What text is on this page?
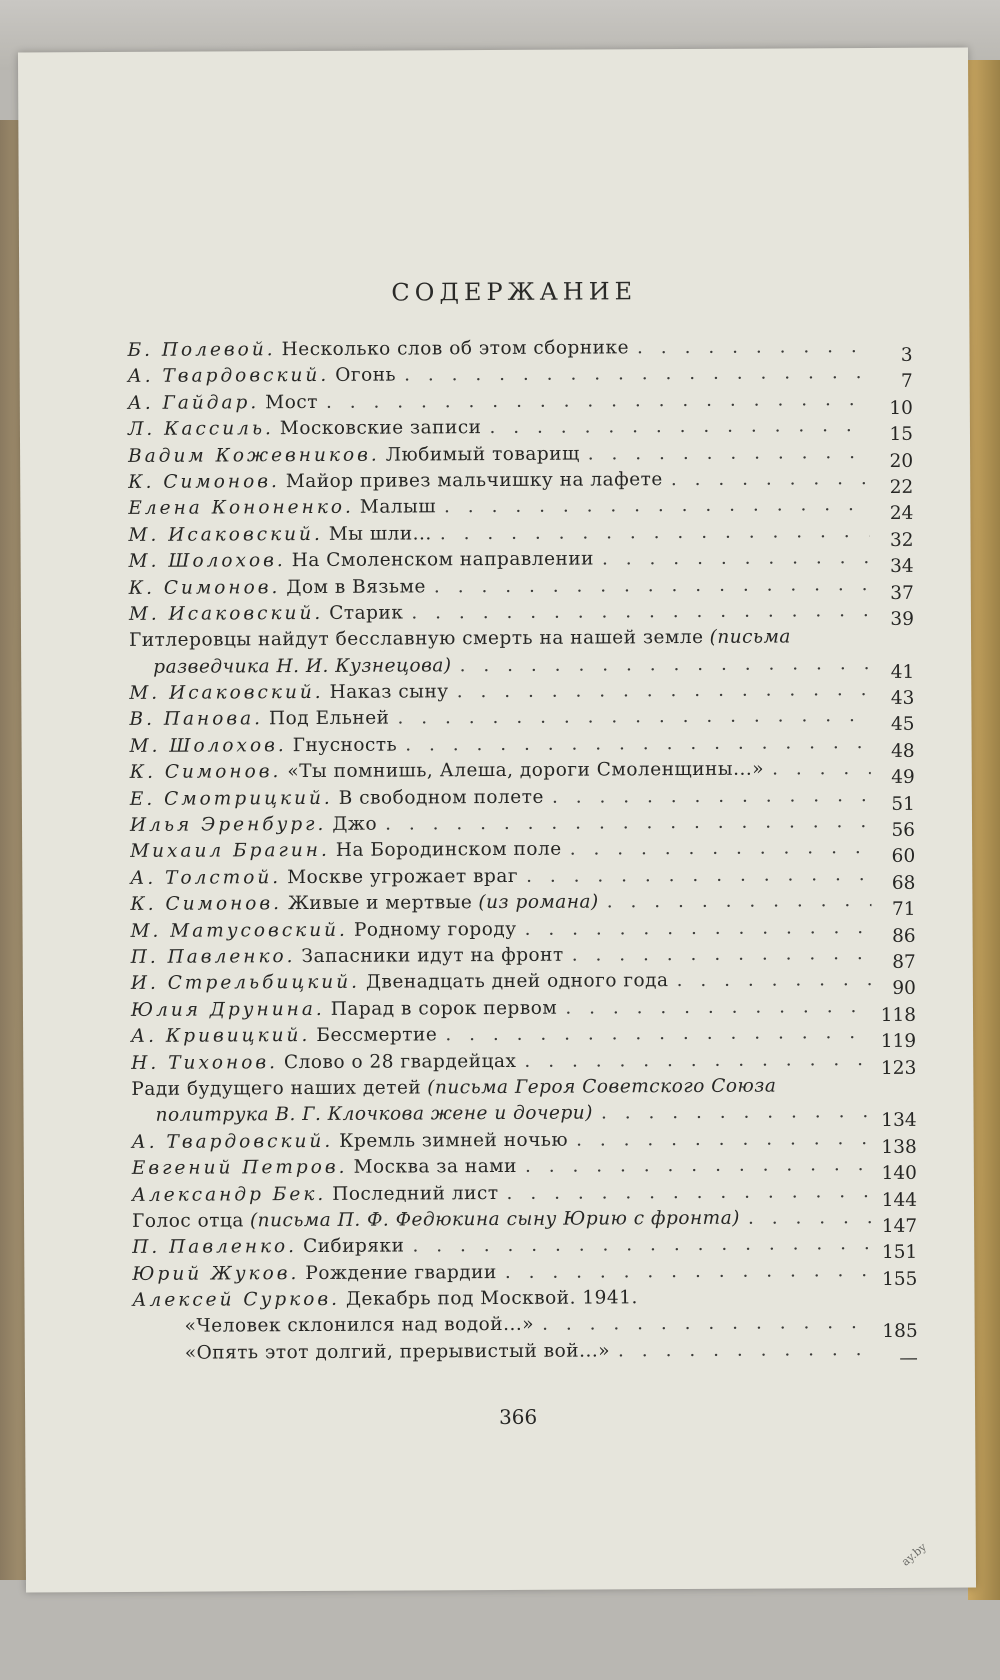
СОДЕРЖАНИЕ
Б. Полевой. Несколько слов об этом сборнике . . .	3
А. Твардовский. Огонь . . .	7
А. Гайдар. Мост . . .	10
Л. Кассиль. Московские записи . . .	15
Вадим Кожевников. Любимый товарищ . . .	20
К. Симонов. Майор привез мальчишку на лафете . . .	22
Елена Кононенко. Малыш . . .	24
М. Исаковский. Мы шли... . . .	32
М. Шолохов. На Смоленском направлении . . .	34
К. Симонов. Дом в Вязьме . . .	37
М. Исаковский. Старик . . .	39
Гитлеровцы найдут бесславную смерть на нашей земле (письма
разведчика Н. И. Кузнецова) . . .	41
М. Исаковский. Наказ сыну . . .	43
В. Панова. Под Ельней . . .	45
М. Шолохов. Гнусность . . .	48
К. Симонов. «Ты помнишь, Алеша, дороги Смоленщины...» . . .	49
Е. Смотрицкий. В свободном полете . . .	51
Илья Эренбург. Джо . . .	56
Михаил Брагин. На Бородинском поле . . .	60
А. Толстой. Москве угрожает враг . . .	68
К. Симонов. Живые и мертвые (из романа) . . .	71
М. Матусовский. Родному городу . . .	86
П. Павленко. Запасники идут на фронт . . .	87
И. Стрельбицкий. Двенадцать дней одного года . . .	90
Юлия Друнина. Парад в сорок первом . . .	118
А. Кривицкий. Бессмертие . . .	119
Н. Тихонов. Слово о 28 гвардейцах . . .	123
Ради будущего наших детей (письма Героя Советского Союза
политрука В. Г. Клочкова жене и дочери) . . .	134
А. Твардовский. Кремль зимней ночью . . .	138
Евгений Петров. Москва за нами . . .	140
Александр Бек. Последний лист . . .	144
Голос отца (письма П. Ф. Федюкина сыну Юрию с фронта) . . .	147
П. Павленко. Сибиряки . . .	151
Юрий Жуков. Рождение гвардии . . .	155
Алексей Сурков. Декабрь под Москвой. 1941.
«Человек склонился над водой...» . . .	185
«Опять этот долгий, прерывистый вой...» . . .	—
366
ay.by
